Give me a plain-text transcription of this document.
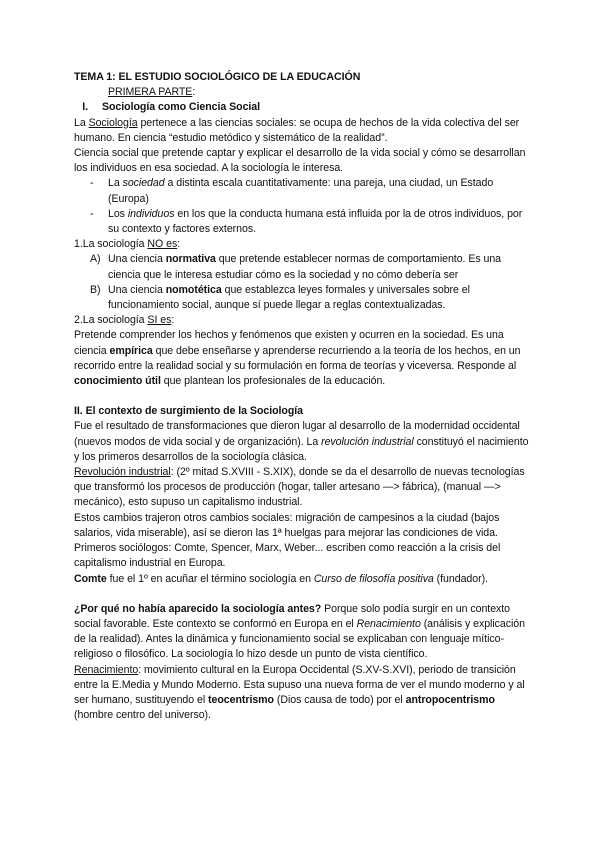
TEMA 1: EL ESTUDIO SOCIOLÓGICO DE LA EDUCACIÓN

PRIMERA PARTE:

I.	Sociología como Ciencia Social

La Sociología pertenece a las ciencias sociales: se ocupa de hechos de la vida colectiva del ser humano. En ciencia “estudio metódico y sistemático de la realidad”.

Ciencia social que pretende captar y explicar el desarrollo de la vida social y cómo se desarrollan los individuos en esa sociedad. A la sociología le interesa.

- La sociedad a distinta escala cuantitativamente: una pareja, una ciudad, un Estado (Europa)
- Los individuos en los que la conducta humana está influida por la de otros individuos, por su contexto y factores externos.

1.La sociología NO es:

A) Una ciencia normativa que pretende establecer normas de comportamiento. Es una ciencia que le interesa estudiar cómo es la sociedad y no cómo debería ser
B) Una ciencia nomotética que establezca leyes formales y universales sobre el funcionamiento social, aunque sí puede llegar a reglas contextualizadas.

2.La sociología SI es:

Pretende comprender los hechos y fenómenos que existen y ocurren en la sociedad. Es una ciencia empírica que debe enseñarse y aprenderse recurriendo a la teoría de los hechos, en un recorrido entre la realidad social y su formulación en forma de teorías y viceversa. Responde al conocimiento útil que plantean los profesionales de la educación.

II. El contexto de surgimiento de la Sociología

Fue el resultado de transformaciones que dieron lugar al desarrollo de la modernidad occidental (nuevos modos de vida social y de organización). La revolución industrial constituyó el nacimiento y los primeros desarrollos de la sociología clásica.

Revolución industrial: (2º mitad S.XVIII - S.XIX), donde se da el desarrollo de nuevas tecnologías que transformó los procesos de producción (hogar, taller artesano —> fábrica), (manual —> mecánico), esto supuso un capitalismo industrial.

Estos cambios trajeron otros cambios sociales: migración de campesinos a la ciudad (bajos salarios, vida miserable), así se dieron las 1ª huelgas para mejorar las condiciones de vida. Primeros sociólogos: Comte, Spencer, Marx, Weber... escriben como reacción a la crisis del capitalismo industrial en Europa.

Comte fue el 1º en acuñar el término sociología en Curso de filosofía positiva (fundador).

¿Por qué no había aparecido la sociología antes? Porque solo podía surgir en un contexto social favorable. Este contexto se conformó en Europa en el Renacimiento (análisis y explicación de la realidad). Antes la dinámica y funcionamiento social se explicaban con lenguaje mítico-religioso o filosófico. La sociología lo hizo desde un punto de vista científico.

Renacimiento: movimiento cultural en la Europa Occidental (S.XV-S.XVI), periodo de transición entre la E.Media y Mundo Moderno. Esta supuso una nueva forma de ver el mundo moderno y al ser humano, sustituyendo el teocentrismo (Dios causa de todo) por el antropocentrismo (hombre centro del universo).
